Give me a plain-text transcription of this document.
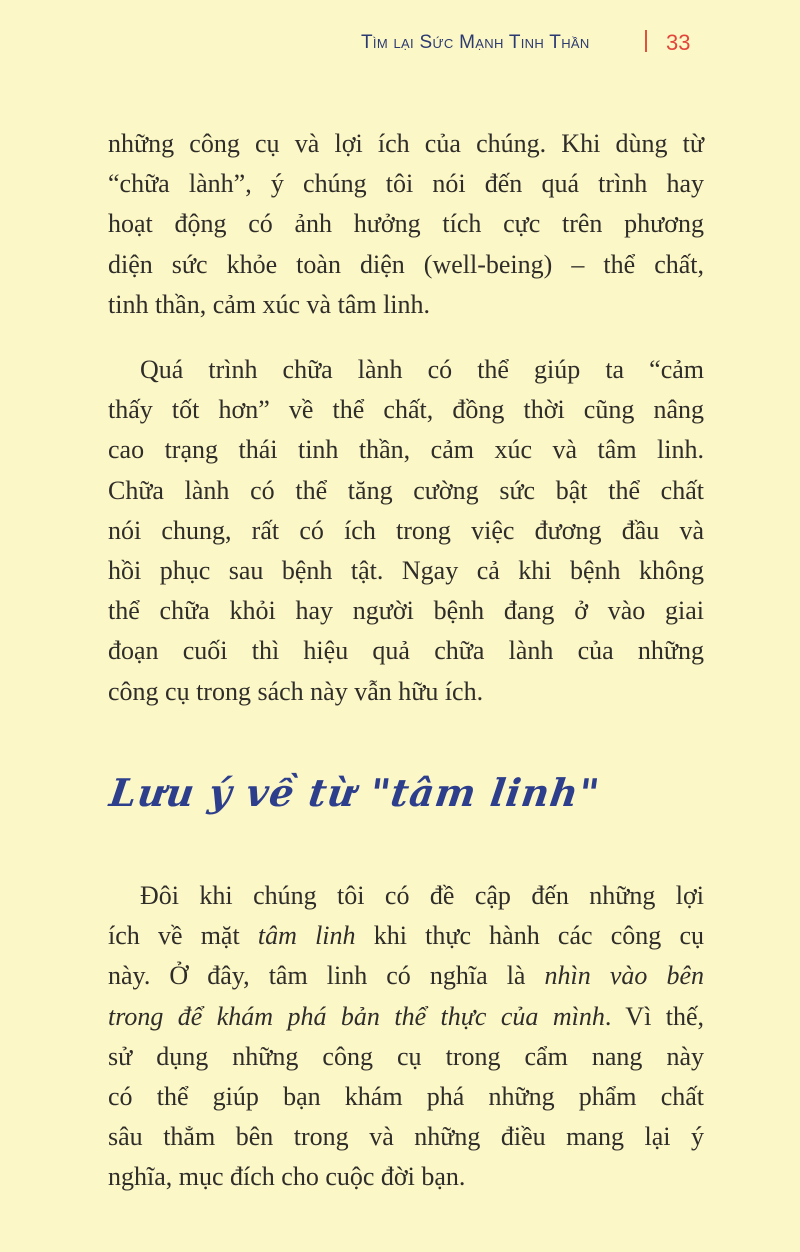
Tìm lại Sức Mạnh Tinh Thần	33
những công cụ và lợi ích của chúng. Khi dùng từ
“chữa lành”, ý chúng tôi nói đến quá trình hay
hoạt động có ảnh hưởng tích cực trên phương
diện sức khỏe toàn diện (well-being) – thể chất,
tinh thần, cảm xúc và tâm linh.
Quá trình chữa lành có thể giúp ta “cảm
thấy tốt hơn” về thể chất, đồng thời cũng nâng
cao trạng thái tinh thần, cảm xúc và tâm linh.
Chữa lành có thể tăng cường sức bật thể chất
nói chung, rất có ích trong việc đương đầu và
hồi phục sau bệnh tật. Ngay cả khi bệnh không
thể chữa khỏi hay người bệnh đang ở vào giai
đoạn cuối thì hiệu quả chữa lành của những
công cụ trong sách này vẫn hữu ích.
Lưu ý về từ "tâm linh"
Đôi khi chúng tôi có đề cập đến những lợi
ích về mặt tâm linh khi thực hành các công cụ
này. Ở đây, tâm linh có nghĩa là nhìn vào bên
trong để khám phá bản thể thực của mình. Vì thế,
sử dụng những công cụ trong cẩm nang này
có thể giúp bạn khám phá những phẩm chất
sâu thẳm bên trong và những điều mang lại ý
nghĩa, mục đích cho cuộc đời bạn.
